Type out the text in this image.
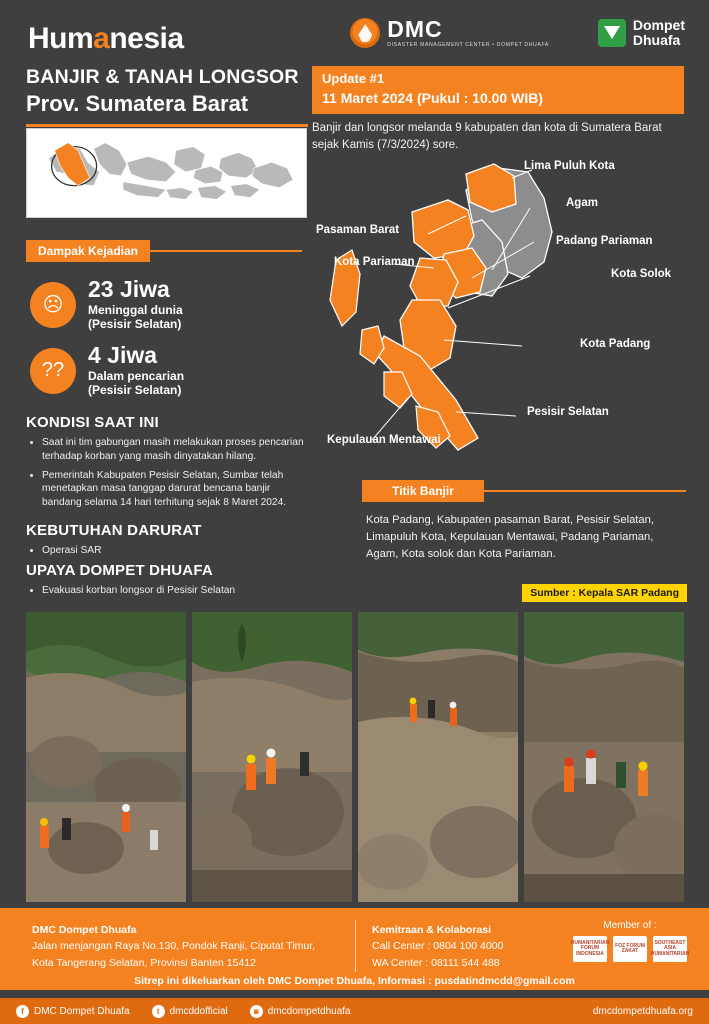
Humanesia	DMC
DISASTER MANAGEMENT CENTER • DOMPET DHUAFA
Dompet
Dhuafa
BANJIR & TANAH LONGSOR
Prov. Sumatera Barat
Update #1
11 Maret 2024 (Pukul : 10.00 WIB)
Banjir dan longsor melanda 9 kabupaten dan kota di Sumatera Barat sejak Kamis (7/3/2024) sore.
Dampak Kejadian
☹
23 Jiwa
Meninggal dunia
(Pesisir Selatan)
??
4 Jiwa
Dalam pencarian
(Pesisir Selatan)
KONDISI SAAT INI
• Saat ini tim gabungan masih melakukan proses pencarian terhadap korban yang masih dinyatakan hilang.
• Pemerintah Kabupaten Pesisir Selatan, Sumbar telah menetapkan masa tanggap darurat bencana banjir bandang selama 14 hari terhitung sejak 8 Maret 2024.
KEBUTUHAN DARURAT
• Operasi SAR
UPAYA DOMPET DHUAFA
• Evakuasi korban longsor di Pesisir Selatan
Lima Puluh Kota
Agam
Pasaman Barat
Padang Pariaman
Kota Pariaman
Kota Solok
Kota Padang
Pesisir Selatan
Kepulauan Mentawai
Titik Banjir
Kota Padang, Kabupaten pasaman Barat, Pesisir Selatan, Limapuluh Kota, Kepulauan Mentawai, Padang Pariaman, Agam, Kota solok dan Kota Pariaman.
Sumber : Kepala SAR Padang
DMC Dompet Dhuafa
Jalan menjangan Raya No.130, Pondok Ranji, Ciputat Timur,
Kota Tangerang Selatan, Provinsi Banten 15412
Kemitraan & Kolaborasi
Call Center : 0804 100 4000
WA Center : 08111 544 488
Member of :
HUMANITARIAN FORUM INDONESIA
FOZ FORUM ZAKAT
SOUTHEAST ASIA HUMANITARIAN
Sitrep ini dikeluarkan oleh DMC Dompet Dhuafa, Informasi : pusdatindmcdd@gmail.com
f	DMC Dompet Dhuafa	t	dmcddofficial	◙ dmcdompetdhuafa	dmcdompetdhuafa.org
